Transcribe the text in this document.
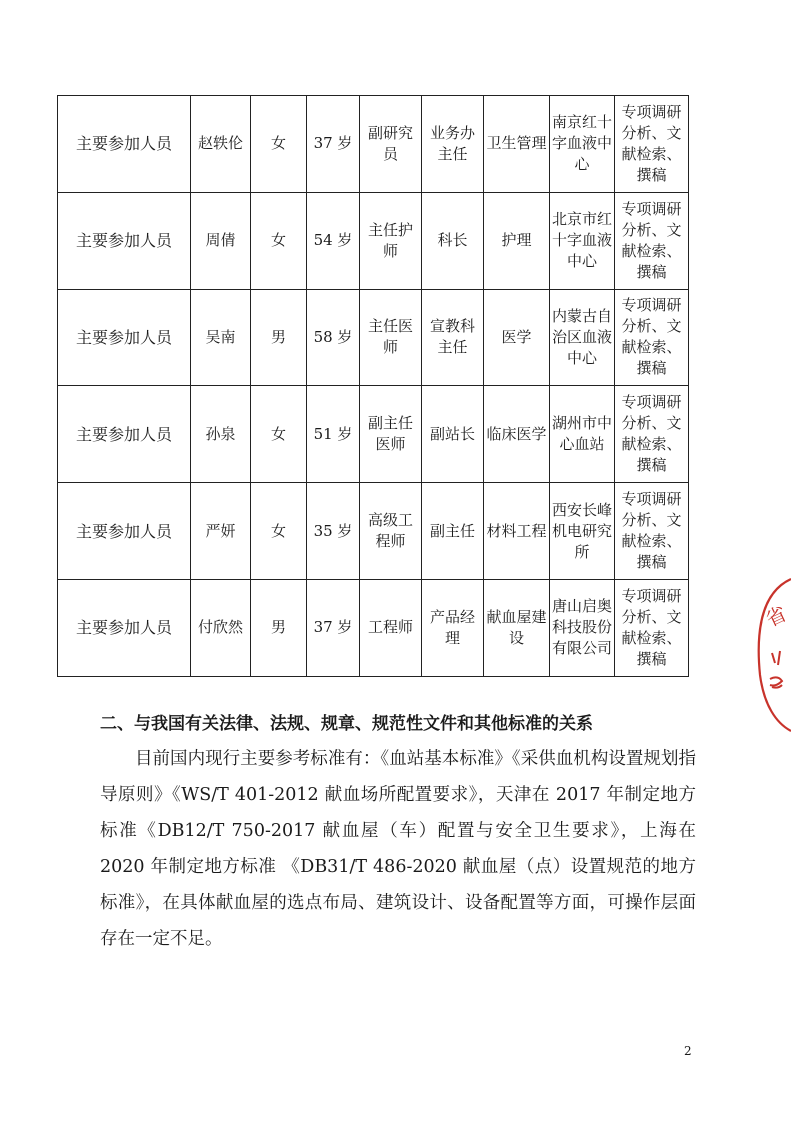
主要参加人员	赵轶伦	女	37 岁	副研究员	业务办主任	卫生管理	南京红十字血液中心	专项调研分析、文献检索、撰稿
主要参加人员	周倩	女	54 岁	主任护师	科长	护理	北京市红十字血液中心	专项调研分析、文献检索、撰稿
主要参加人员	吴南	男	58 岁	主任医师	宣教科主任	医学	内蒙古自治区血液中心	专项调研分析、文献检索、撰稿
主要参加人员	孙泉	女	51 岁	副主任医师	副站长	临床医学	湖州市中心血站	专项调研分析、文献检索、撰稿
主要参加人员	严妍	女	35 岁	高级工程师	副主任	材料工程	西安长峰机电研究所	专项调研分析、文献检索、撰稿
主要参加人员	付欣然	男	37 岁	工程师	产品经理	献血屋建设	唐山启奥科技股份有限公司	专项调研分析、文献检索、撰稿
二、与我国有关法律、法规、规章、规范性文件和其他标准的关系

目前国内现行主要参考标准有：《血站基本标准》《采供血机构设置规划指导原则》《WS/T 401-2012 献血场所配置要求》，天津在 2017 年制定地方标准《DB12/T 750-2017 献血屋（车）配置与安全卫生要求》，上海在 2020 年制定地方标准 《DB31/T 486-2020 献血屋（点）设置规范的地方标准》，在具体献血屋的选点布局、建筑设计、设备配置等方面，可操作层面存在一定不足。

2
省
